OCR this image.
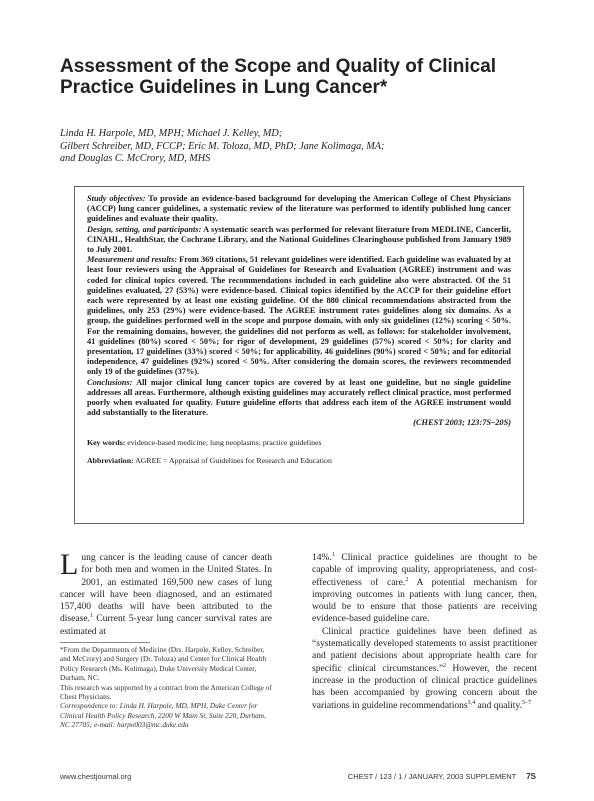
Assessment of the Scope and Quality of Clinical Practice Guidelines in Lung Cancer*
Linda H. Harpole, MD, MPH; Michael J. Kelley, MD;
Gilbert Schreiber, MD, FCCP; Eric M. Toloza, MD, PhD; Jane Kolimaga, MA;
and Douglas C. McCrory, MD, MHS

Study objectives: To provide an evidence-based background for developing the American College of Chest Physicians (ACCP) lung cancer guidelines, a systematic review of the literature was performed to identify published lung cancer guidelines and evaluate their quality.

Design, setting, and participants: A systematic search was performed for relevant literature from MEDLINE, Cancerlit, CINAHL, HealthStar, the Cochrane Library, and the National Guidelines Clearinghouse published from January 1989 to July 2001.

Measurement and results: From 369 citations, 51 relevant guidelines were identified. Each guideline was evaluated by at least four reviewers using the Appraisal of Guidelines for Research and Evaluation (AGREE) instrument and was coded for clinical topics covered. The recommendations included in each guideline also were abstracted. Of the 51 guidelines evaluated, 27 (53%) were evidence-based. Clinical topics identified by the ACCP for their guideline effort each were represented by at least one existing guideline. Of the 880 clinical recommendations abstracted from the guidelines, only 253 (29%) were evidence-based. The AGREE instrument rates guidelines along six domains. As a group, the guidelines performed well in the scope and purpose domain, with only six guidelines (12%) scoring < 50%. For the remaining domains, however, the guidelines did not perform as well, as follows: for stakeholder involvement, 41 guidelines (80%) scored < 50%; for rigor of development, 29 guidelines (57%) scored < 50%; for clarity and presentation, 17 guidelines (33%) scored < 50%; for applicability, 46 guidelines (90%) scored < 50%; and for editorial independence, 47 guidelines (92%) scored < 50%. After considering the domain scores, the reviewers recommended only 19 of the guidelines (37%).

Conclusions: All major clinical lung cancer topics are covered by at least one guideline, but no single guideline addresses all areas. Furthermore, although existing guidelines may accurately reflect clinical practice, most performed poorly when evaluated for quality. Future guideline efforts that address each item of the AGREE instrument would add substantially to the literature.

(CHEST 2003; 123:7S–20S)

Key words: evidence-based medicine; lung neoplasms; practice guidelines
Abbreviation: AGREE = Appraisal of Guidelines for Research and Education

Lung cancer is the leading cause of cancer death for both men and women in the United States. In 2001, an estimated 169,500 new cases of lung cancer will have been diagnosed, and an estimated 157,400 deaths will have been attributed to the disease.$^1$ Current 5-year lung cancer survival rates are estimated at

*From the Departments of Medicine (Drs. Harpole, Kelley, Schreiber, and McCrory) and Surgery (Dr. Toloza) and Center for Clinical Health Policy Research (Ms. Kolimaga), Duke University Medical Center, Durham, NC.

This research was supported by a contract from the American College of Chest Physicians.

Correspondence to: Linda H. Harpole, MD, MPH, Duke Center for Clinical Health Policy Research, 2200 W Main St, Suite 220, Durham, NC 27705; e-mail: harpo003@mc.duke.edu

14%.$^1$ Clinical practice guidelines are thought to be capable of improving quality, appropriateness, and cost-effectiveness of care.$^2$ A potential mechanism for improving outcomes in patients with lung cancer, then, would be to ensure that those patients are receiving evidence-based guideline care.

Clinical practice guidelines have been defined as “systematically developed statements to assist practitioner and patient decisions about appropriate health care for specific clinical circumstances.”$^2$ However, the recent increase in the production of clinical practice guidelines has been accompanied by growing concern about the variations in guideline recommendations$^{3,4}$ and quality.$^{5-7}$

www.chestjournal.org	CHEST / 123 / 1 / JANUARY, 2003 SUPPLEMENT 7S
